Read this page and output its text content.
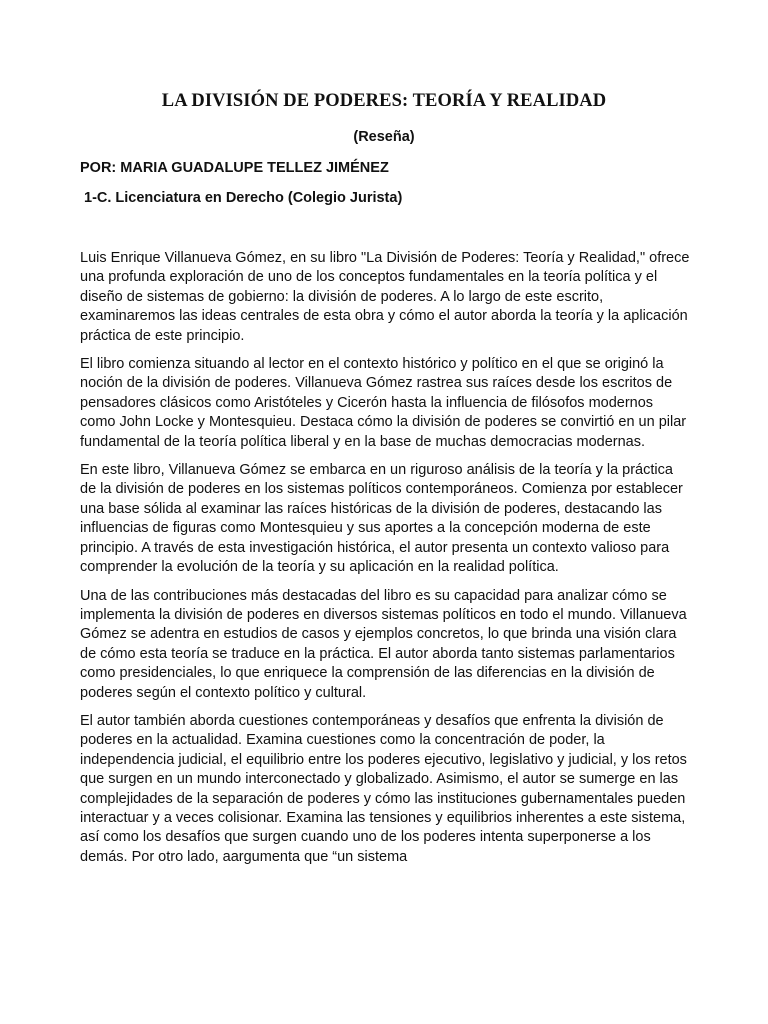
LA DIVISIÓN DE PODERES: TEORÍA Y REALIDAD
(Reseña)
POR: MARIA GUADALUPE TELLEZ JIMÉNEZ
1-C. Licenciatura en Derecho (Colegio Jurista)

Luis Enrique Villanueva Gómez, en su libro "La División de Poderes: Teoría y Realidad," ofrece una profunda exploración de uno de los conceptos fundamentales en la teoría política y el diseño de sistemas de gobierno: la división de poderes. A lo largo de este escrito, examinaremos las ideas centrales de esta obra y cómo el autor aborda la teoría y la aplicación práctica de este principio.

El libro comienza situando al lector en el contexto histórico y político en el que se originó la noción de la división de poderes. Villanueva Gómez rastrea sus raíces desde los escritos de pensadores clásicos como Aristóteles y Cicerón hasta la influencia de filósofos modernos como John Locke y Montesquieu. Destaca cómo la división de poderes se convirtió en un pilar fundamental de la teoría política liberal y en la base de muchas democracias modernas.

En este libro, Villanueva Gómez se embarca en un riguroso análisis de la teoría y la práctica de la división de poderes en los sistemas políticos contemporáneos. Comienza por establecer una base sólida al examinar las raíces históricas de la división de poderes, destacando las influencias de figuras como Montesquieu y sus aportes a la concepción moderna de este principio. A través de esta investigación histórica, el autor presenta un contexto valioso para comprender la evolución de la teoría y su aplicación en la realidad política.

Una de las contribuciones más destacadas del libro es su capacidad para analizar cómo se implementa la división de poderes en diversos sistemas políticos en todo el mundo. Villanueva Gómez se adentra en estudios de casos y ejemplos concretos, lo que brinda una visión clara de cómo esta teoría se traduce en la práctica. El autor aborda tanto sistemas parlamentarios como presidenciales, lo que enriquece la comprensión de las diferencias en la división de poderes según el contexto político y cultural.

El autor también aborda cuestiones contemporáneas y desafíos que enfrenta la división de poderes en la actualidad. Examina cuestiones como la concentración de poder, la independencia judicial, el equilibrio entre los poderes ejecutivo, legislativo y judicial, y los retos que surgen en un mundo interconectado y globalizado. Asimismo, el autor se sumerge en las complejidades de la separación de poderes y cómo las instituciones gubernamentales pueden interactuar y a veces colisionar. Examina las tensiones y equilibrios inherentes a este sistema, así como los desafíos que surgen cuando uno de los poderes intenta superponerse a los demás. Por otro lado, aargumenta que “un sistema
